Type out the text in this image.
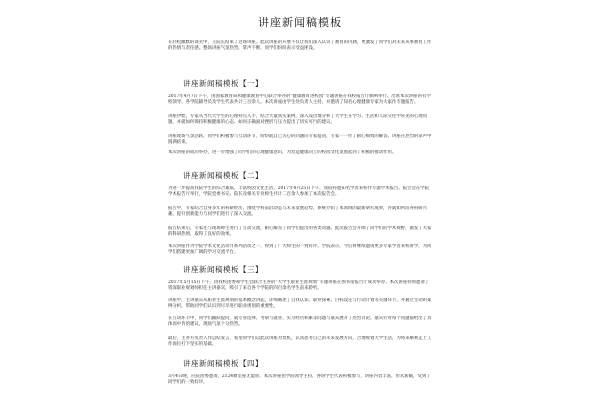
讲座新闻稿模板
在轻松幽默的谈笑中，王院长结束了这场讲座。此次讲座的开展不仅让我们深入认识了教育的内涵，更激发了同学们对未来从事教育工作的热情与责任感。整场讲座气氛热烈，掌声不断，同学们纷纷表示受益匪浅。
讲座新闻稿模板【一】
2017年4月7日下午，由国家教育局和健康教育中心联合举办的“健康教育进校园”专题讲座在我校报告厅顺利举行。出席本次讲座的有学校领导、各学院辅导员及学生代表共计三百余人。本次讲座由学生处负责人主持，并邀请了知名心理健康专家为大家作专题报告。
讲座伊始，专家从当代大学生的心理特点入手，结合大量真实案例，深入浅出地分析了大学生在学习、生活和人际交往中常见的心理问题，并就如何保持积极健康的心态、如何正确面对挫折与压力提出了切实可行的建议。
讲座现场气氛活跃，同学们积极参与互动环节，纷纷就自己关心的问题向专家提问，专家一一作了耐心细致的解答。讲座在热烈的掌声中圆满结束。
本次讲座的成功举办，进一步增强了同学们的心理健康意识，为营造健康向上的校园文化氛围起到了积极的推动作用。
讲座新闻稿模板【二】
为进一步提高我院学生的综合素质，丰富校园文化生活，2017年4月25日下午，我院特邀知名学者来校作专题学术报告。报告会在学院学术报告厅举行，学院党委书记、院长及相关专业师生共计二百余人参加了本次报告会。
报告中，专家结合自身多年的科研经历，围绕学科前沿动态与未来发展趋势，系统介绍了本领域的最新研究成果，并就如何培养科研兴趣、提升创新能力与同学们进行了深入交流。
报告结束后，专家还与现场师生进行了互动交流，耐心解答了同学们提出的各类问题。此次报告会开阔了同学们的学术视野，激发了大家的科研热情，取得了良好的效果。
本次讲座作为学院学术文化活动月系列活动之一，得到了广大师生的一致好评。学院表示，今后将继续邀请更多专家学者来校讲学，为同学们搭建更加广阔的学习交流平台。
讲座新闻稿模板【三】
2017年5月15日下午，由我校团委和学生会联合主办的“大学生职业生涯规划”专题讲座在图书馆报告厅成功举办。本次讲座特别邀请了资深职业规划师担任主讲嘉宾，吸引了来自各个学院的四百余名学生前来聆听。
讲座中，主讲嘉宾从职业生涯规划的基本概念讲起，详细阐述了自我认知、职业探索、目标设定与行动计划等关键环节，并通过生动的案例分析，帮助同学们认识到尽早进行职业规划的重要性。
在互动环节中，同学们踊跃提问，就专业选择、考研与就业、实习经历积累等问题与嘉宾展开了热烈讨论。嘉宾针对每个问题都给出了具体而中肯的建议，现场气氛十分热烈。
最后，主办方负责人作总结发言，希望同学们以此次讲座为契机，认真思考自己的未来发展方向，合理规划大学生活，为将来顺利走上工作岗位打下坚实的基础。
讲座新闻稿模板【四】
3月4日晚，应院团委邀请，2124教室座无虚席，本次讲座由学院领导主持，各班学生代表积极参与，讲座内容丰富，形式新颖，受到了同学们的一致好评。
